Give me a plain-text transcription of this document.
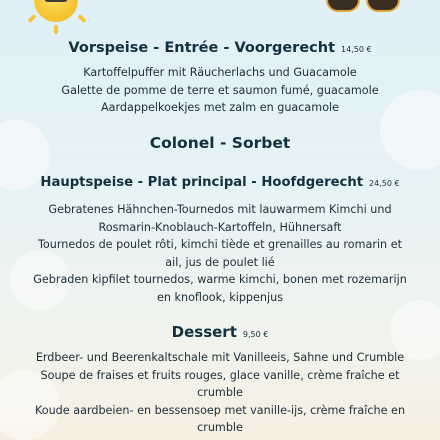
Vorspeise - Entrée - Voorgerecht 14,50 €
Kartoffelpuffer mit Räucherlachs und Guacamole
Galette de pomme de terre et saumon fumé, guacamole
Aardappelkoekjes met zalm en guacamole
Colonel - Sorbet
Hauptspeise - Plat principal - Hoofdgerecht 24,50 €
Gebratenes Hähnchen-Tournedos mit lauwarmem Kimchi und
Rosmarin-Knoblauch-Kartoffeln, Hühnersaft
Tournedos de poulet rôti, kimchi tiède et grenailles au romarin et
ail, jus de poulet lié
Gebraden kipfilet tournedos, warme kimchi, bonen met rozemarijn
en knoflook, kippenjus
Dessert 9,50 €
Erdbeer- und Beerenkaltschale mit Vanilleeis, Sahne und Crumble
Soupe de fraises et fruits rouges, glace vanille, crème fraîche et
crumble
Koude aardbeien- en bessensoep met vanille-ijs, crème fraîche en
crumble
